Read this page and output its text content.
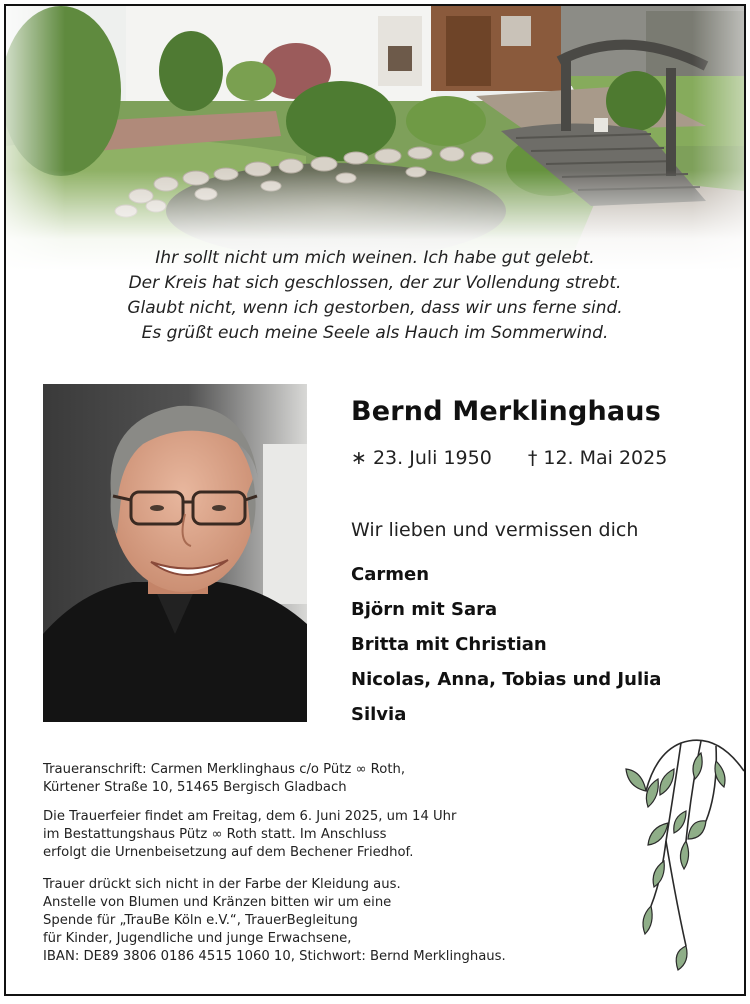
Ihr sollt nicht um mich weinen. Ich habe gut gelebt.
Der Kreis hat sich geschlossen, der zur Vollendung strebt.
Glaubt nicht, wenn ich gestorben, dass wir uns ferne sind.
Es grüßt euch meine Seele als Hauch im Sommerwind.
Bernd Merklinghaus
∗ 23. Juli 1950 † 12. Mai 2025
Wir lieben und vermissen dich
Carmen
Björn mit Sara
Britta mit Christian
Nicolas, Anna, Tobias und Julia
Silvia
Traueranschrift: Carmen Merklinghaus c/o Pütz ∞ Roth,
Kürtener Straße 10, 51465 Bergisch Gladbach
Die Trauerfeier findet am Freitag, dem 6. Juni 2025, um 14 Uhr
im Bestattungshaus Pütz ∞ Roth statt. Im Anschluss
erfolgt die Urnenbeisetzung auf dem Bechener Friedhof.
Trauer drückt sich nicht in der Farbe der Kleidung aus.
Anstelle von Blumen und Kränzen bitten wir um eine
Spende für „TrauBe Köln e.V.“, TrauerBegleitung
für Kinder, Jugendliche und junge Erwachsene,
IBAN: DE89 3806 0186 4515 1060 10, Stichwort: Bernd Merklinghaus.
